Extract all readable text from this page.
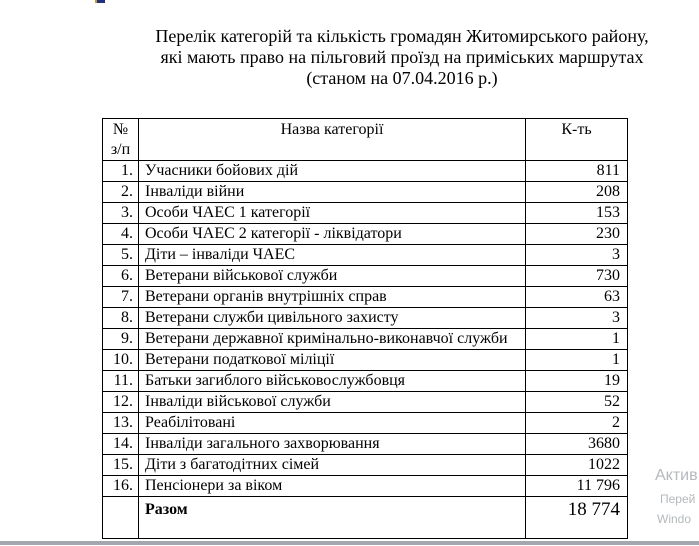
Перелік категорій та кількість громадян Житомирського району,
які мають право на пільговий проїзд на приміських маршрутах
(станом на 07.04.2016 р.)
№
з/п	Назва категорії	К-ть
1.	Учасники бойових дій	811
2.	Інваліди війни	208
3.	Особи ЧАЕС 1 категорії	153
4.	Особи ЧАЕС 2 категорії - ліквідатори	230
5.	Діти – інваліди ЧАЕС	3
6.	Ветерани військової служби	730
7.	Ветерани органів внутрішніх справ	63
8.	Ветерани служби цивільного захисту	3
9.	Ветерани державної кримінально-виконавчої служби	1
10.	Ветерани податкової міліції	1
11.	Батьки загиблого військовослужбовця	19
12.	Інваліди військової служби	52
13.	Реабілітовані	2
14.	Інваліди загального захворювання	3680
15.	Діти з багатодітних сімей	1022
16.	Пенсіонери за віком	11 796
	Разом	18 774
Актив
Перей
Windo
